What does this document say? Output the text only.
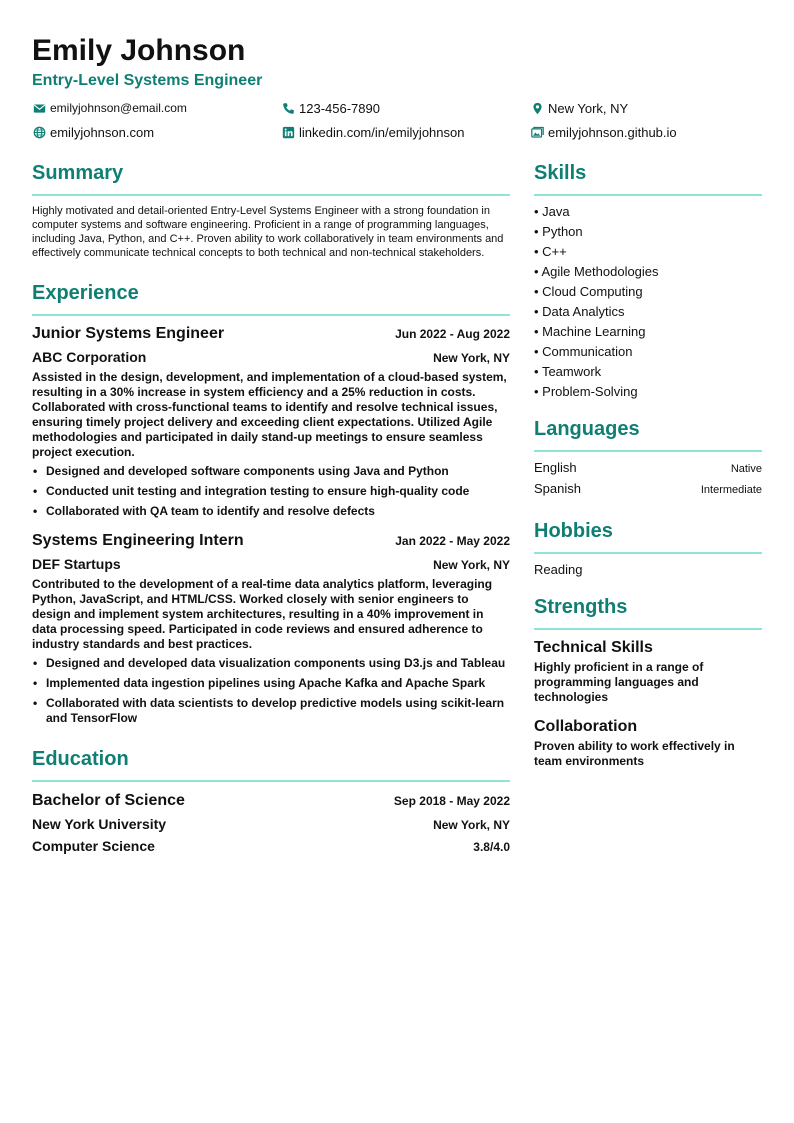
Emily Johnson
Entry-Level Systems Engineer
emilyjohnson@email.com	123-456-7890	New York, NY
emilyjohnson.com	linkedin.com/in/emilyjohnson	emilyjohnson.github.io
Summary

Highly motivated and detail-oriented Entry-Level Systems Engineer with a strong foundation in computer systems and software engineering. Proficient in a range of programming languages, including Java, Python, and C++. Proven ability to work collaboratively in team environments and effectively communicate technical concepts to both technical and non-technical stakeholders.

Experience
Junior Systems Engineer	Jun 2022 - Aug 2022
ABC Corporation	New York, NY

Assisted in the design, development, and implementation of a cloud-based system, resulting in a 30% increase in system efficiency and a 25% reduction in costs. Collaborated with cross-functional teams to identify and resolve technical issues, ensuring timely project delivery and exceeding client expectations. Utilized Agile methodologies and participated in daily stand-up meetings to ensure seamless project execution.

• Designed and developed software components using Java and Python
• Conducted unit testing and integration testing to ensure high-quality code
• Collaborated with QA team to identify and resolve defects
Systems Engineering Intern	Jan 2022 - May 2022
DEF Startups	New York, NY

Contributed to the development of a real-time data analytics platform, leveraging Python, JavaScript, and HTML/CSS. Worked closely with senior engineers to design and implement system architectures, resulting in a 40% improvement in data processing speed. Participated in code reviews and ensured adherence to industry standards and best practices.

• Designed and developed data visualization components using D3.js and Tableau
• Implemented data ingestion pipelines using Apache Kafka and Apache Spark
• Collaborated with data scientists to develop predictive models using scikit-learn and TensorFlow
Education
Bachelor of Science	Sep 2018 - May 2022
New York University	New York, NY
Computer Science	3.8/4.0
Skills
• Java
• Python
• C++
• Agile Methodologies
• Cloud Computing
• Data Analytics
• Machine Learning
• Communication
• Teamwork
• Problem-Solving
Languages
English	Native
Spanish	Intermediate
Hobbies
Reading
Strengths
Technical Skills
Highly proficient in a range of programming languages and technologies
Collaboration
Proven ability to work effectively in team environments
